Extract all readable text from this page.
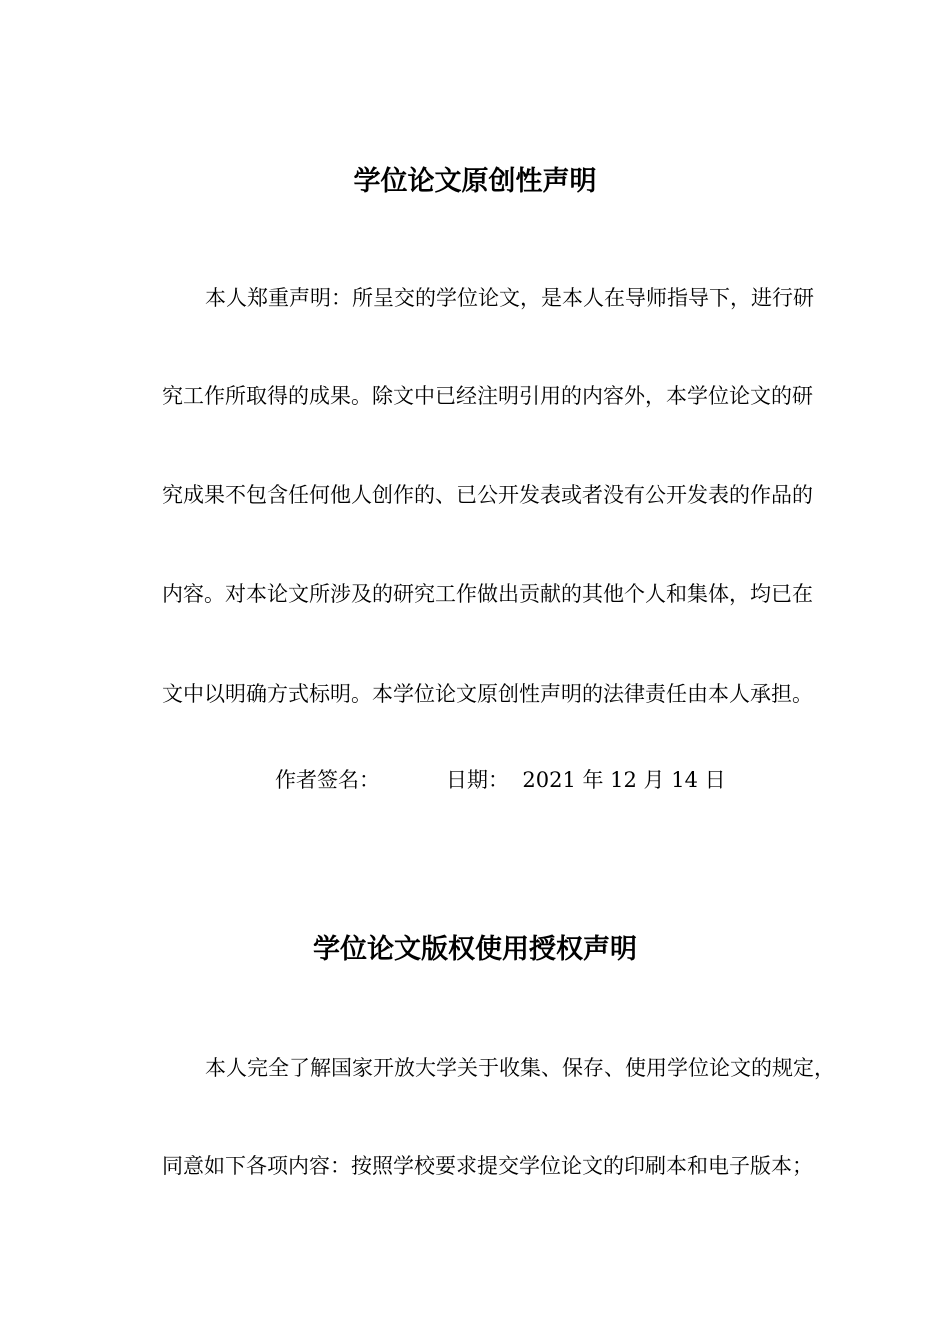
学位论文原创性声明

本人郑重声明：所呈交的学位论文，是本人在导师指导下，进行研

究工作所取得的成果。除文中已经注明引用的内容外，本学位论文的研

究成果不包含任何他人创作的、已公开发表或者没有公开发表的作品的

内容。对本论文所涉及的研究工作做出贡献的其他个人和集体，均已在

文中以明确方式标明。本学位论文原创性声明的法律责任由本人承担。

作者签名：	日期： 2021 年 12 月 14 日
学位论文版权使用授权声明

本人完全了解国家开放大学关于收集、保存、使用学位论文的规定，

同意如下各项内容：按照学校要求提交学位论文的印刷本和电子版本；
